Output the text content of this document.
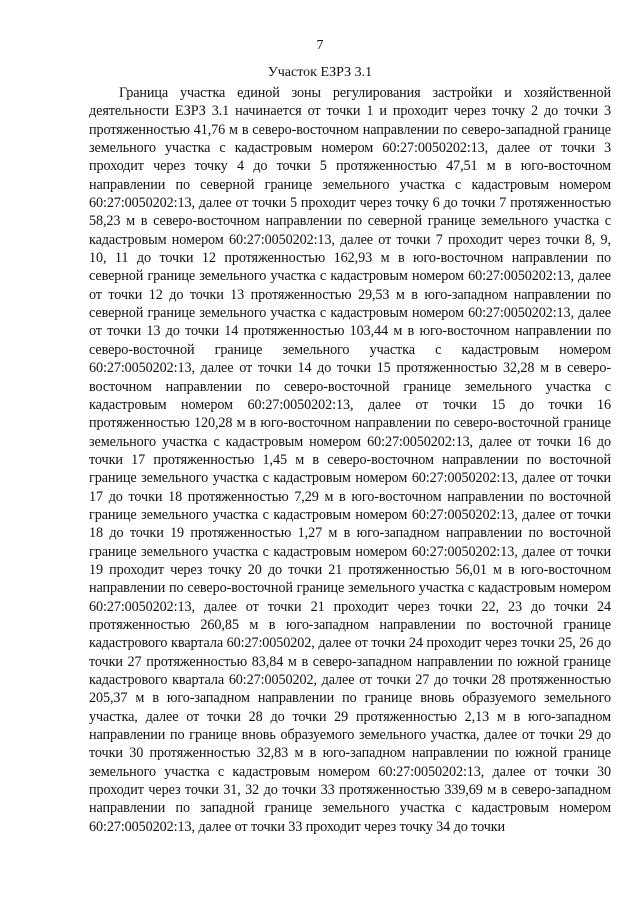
7
Участок ЕЗРЗ 3.1

Граница участка единой зоны регулирования застройки и хозяйственной деятельности ЕЗРЗ 3.1 начинается от точки 1 и проходит через точку 2 до точки 3 протяженностью 41,76 м в северо-восточном направлении по северо-западной границе земельного участка с кадастровым номером 60:27:0050202:13, далее от точки 3 проходит через точку 4 до точки 5 протяженностью 47,51 м в юго-восточном направлении по северной границе земельного участка с кадастровым номером 60:27:0050202:13, далее от точки 5 проходит через точку 6 до точки 7 протяженностью 58,23 м в северо-восточном направлении по северной границе земельного участка с кадастровым номером 60:27:0050202:13, далее от точки 7 проходит через точки 8, 9, 10, 11 до точки 12 протяженностью 162,93 м в юго-восточном направлении по северной границе земельного участка с кадастровым номером 60:27:0050202:13, далее от точки 12 до точки 13 протяженностью 29,53 м в юго-западном направлении по северной границе земельного участка с кадастровым номером 60:27:0050202:13, далее от точки 13 до точки 14 протяженностью 103,44 м в юго-восточном направлении по северо-восточной границе земельного участка с кадастровым номером 60:27:0050202:13, далее от точки 14 до точки 15 протяженностью 32,28 м в северо-восточном направлении по северо-восточной границе земельного участка с кадастровым номером 60:27:0050202:13, далее от точки 15 до точки 16 протяженностью 120,28 м в юго-восточном направлении по северо-восточной границе земельного участка с кадастровым номером 60:27:0050202:13, далее от точки 16 до точки 17 протяженностью 1,45 м в северо-восточном направлении по восточной границе земельного участка с кадастровым номером 60:27:0050202:13, далее от точки 17 до точки 18 протяженностью 7,29 м в юго-восточном направлении по восточной границе земельного участка с кадастровым номером 60:27:0050202:13, далее от точки 18 до точки 19 протяженностью 1,27 м в юго-западном направлении по восточной границе земельного участка с кадастровым номером 60:27:0050202:13, далее от точки 19 проходит через точку 20 до точки 21 протяженностью 56,01 м в юго-восточном направлении по северо-восточной границе земельного участка с кадастровым номером 60:27:0050202:13, далее от точки 21 проходит через точки 22, 23 до точки 24 протяженностью 260,85 м в юго-западном направлении по восточной границе кадастрового квартала 60:27:0050202, далее от точки 24 проходит через точки 25, 26 до точки 27 протяженностью 83,84 м в северо-западном направлении по южной границе кадастрового квартала 60:27:0050202, далее от точки 27 до точки 28 протяженностью 205,37 м в юго-западном направлении по границе вновь образуемого земельного участка, далее от точки 28 до точки 29 протяженностью 2,13 м в юго-западном направлении по границе вновь образуемого земельного участка, далее от точки 29 до точки 30 протяженностью 32,83 м в юго-западном направлении по южной границе земельного участка с кадастровым номером 60:27:0050202:13, далее от точки 30 проходит через точки 31, 32 до точки 33 протяженностью 339,69 м в северо-западном направлении по западной границе земельного участка с кадастровым номером 60:27:0050202:13, далее от точки 33 проходит через точку 34 до точки
